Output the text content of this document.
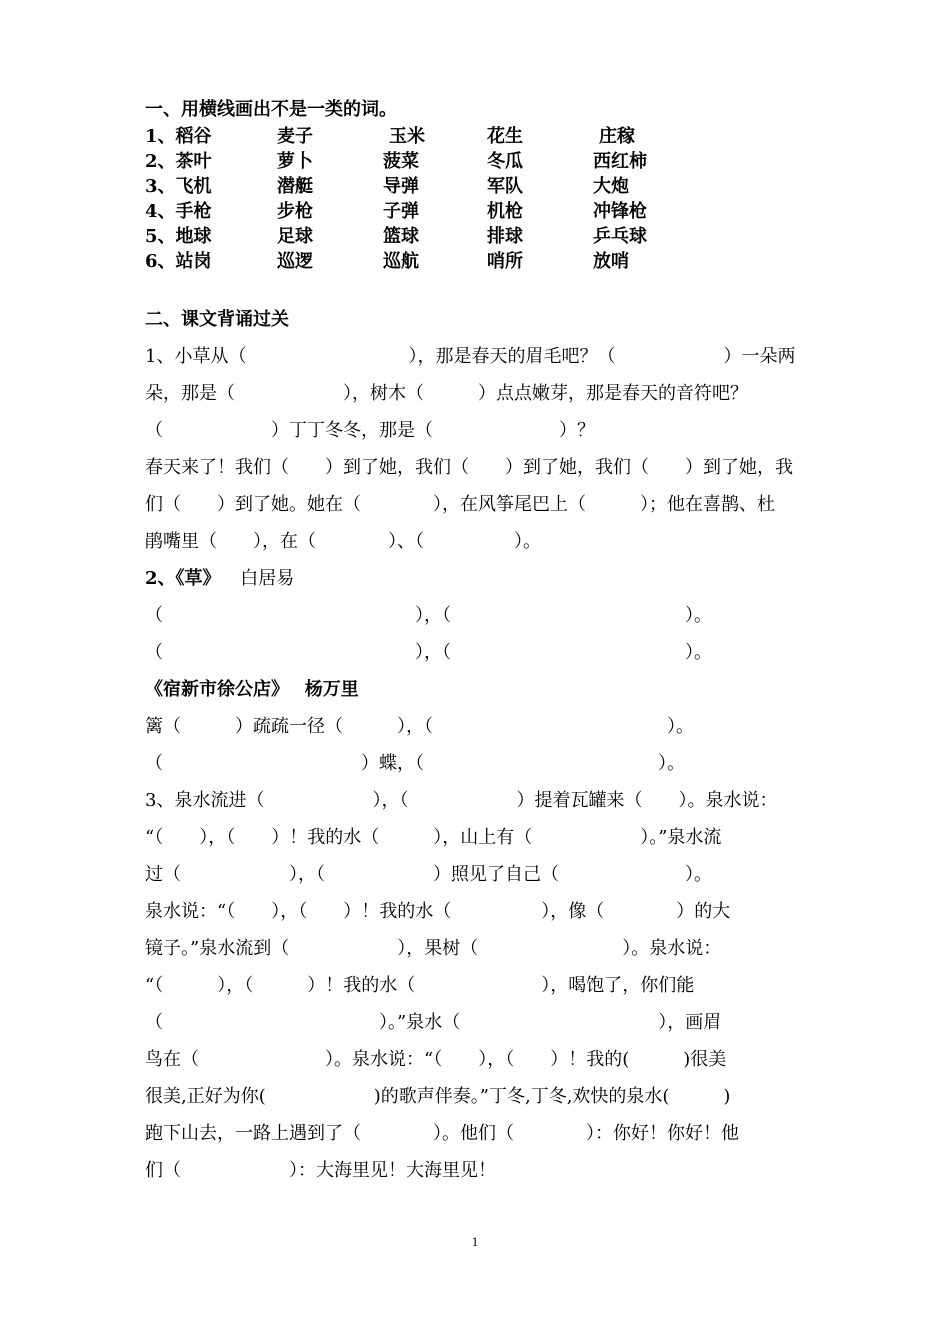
一、用横线画出不是一类的词。
1、稻谷	麦子	玉米	花生	庄稼
2、茶叶	萝卜	菠菜	冬瓜	西红柿
3、飞机	潜艇	导弹	军队	大炮
4、手枪	步枪	子弹	机枪	冲锋枪
5、地球	足球	篮球	排球	乒乓球
6、站岗	巡逻	巡航	哨所	放哨
二、课文背诵过关
1、小草从（　　　　　　　　　），那是春天的眉毛吧？（　　　　　　）一朵两
朵，那是（　　　　　　），树木（　　　）点点嫩芽，那是春天的音符吧？
（　　　　　　）丁丁冬冬，那是（　　　　　　　）？
春天来了！我们（　　）到了她，我们（　　）到了她，我们（　　）到了她，我
们（　　）到了她。她在（　　　　），在风筝尾巴上（　　　）；他在喜鹊、杜
鹃嘴里（　　），在（　　　　）、（　　　　　）。
2、《草》 白居易
（　　　　　　　　　　　　　　），（　　　　　　　　　　　　　）。
（　　　　　　　　　　　　　　），（　　　　　　　　　　　　　）。
《宿新市徐公店》 杨万里
篱（　　　）疏疏一径（　　　），（　　　　　　　　　　　　　）。
（　　　　　　　　　　　）蝶，（　　　　　　　　　　　　　）。
3、泉水流进（　　　　　　），（　　　　　　）提着瓦罐来（　　）。泉水说：
“（　　），（　　）！我的水（　　　），山上有（　　　　　　）。”泉水流
过（　　　　　　），（　　　　　　）照见了自己（　　　　　　　）。
泉水说：“（　　），（　　）！我的水（　　　　　），像（　　　　）的大
镜子。”泉水流到（　　　　　　），果树（　　　　　　　　）。泉水说：
“（　　　），（　　　）！我的水（　　　　　　　），喝饱了，你们能
（　　　　　　　　　　　　）。”泉水（　　　　　　　　　　　），画眉
鸟在（　　　　　　　）。泉水说：“（　　），（　　）！我的(　　　)很美
很美,正好为你(　　　　　　)的歌声伴奏。”丁冬,丁冬,欢快的泉水(　　　)
跑下山去，一路上遇到了（　　　　）。他们（　　　　）：你好！你好！他
们（　　　　　　）：大海里见！大海里见！
1
